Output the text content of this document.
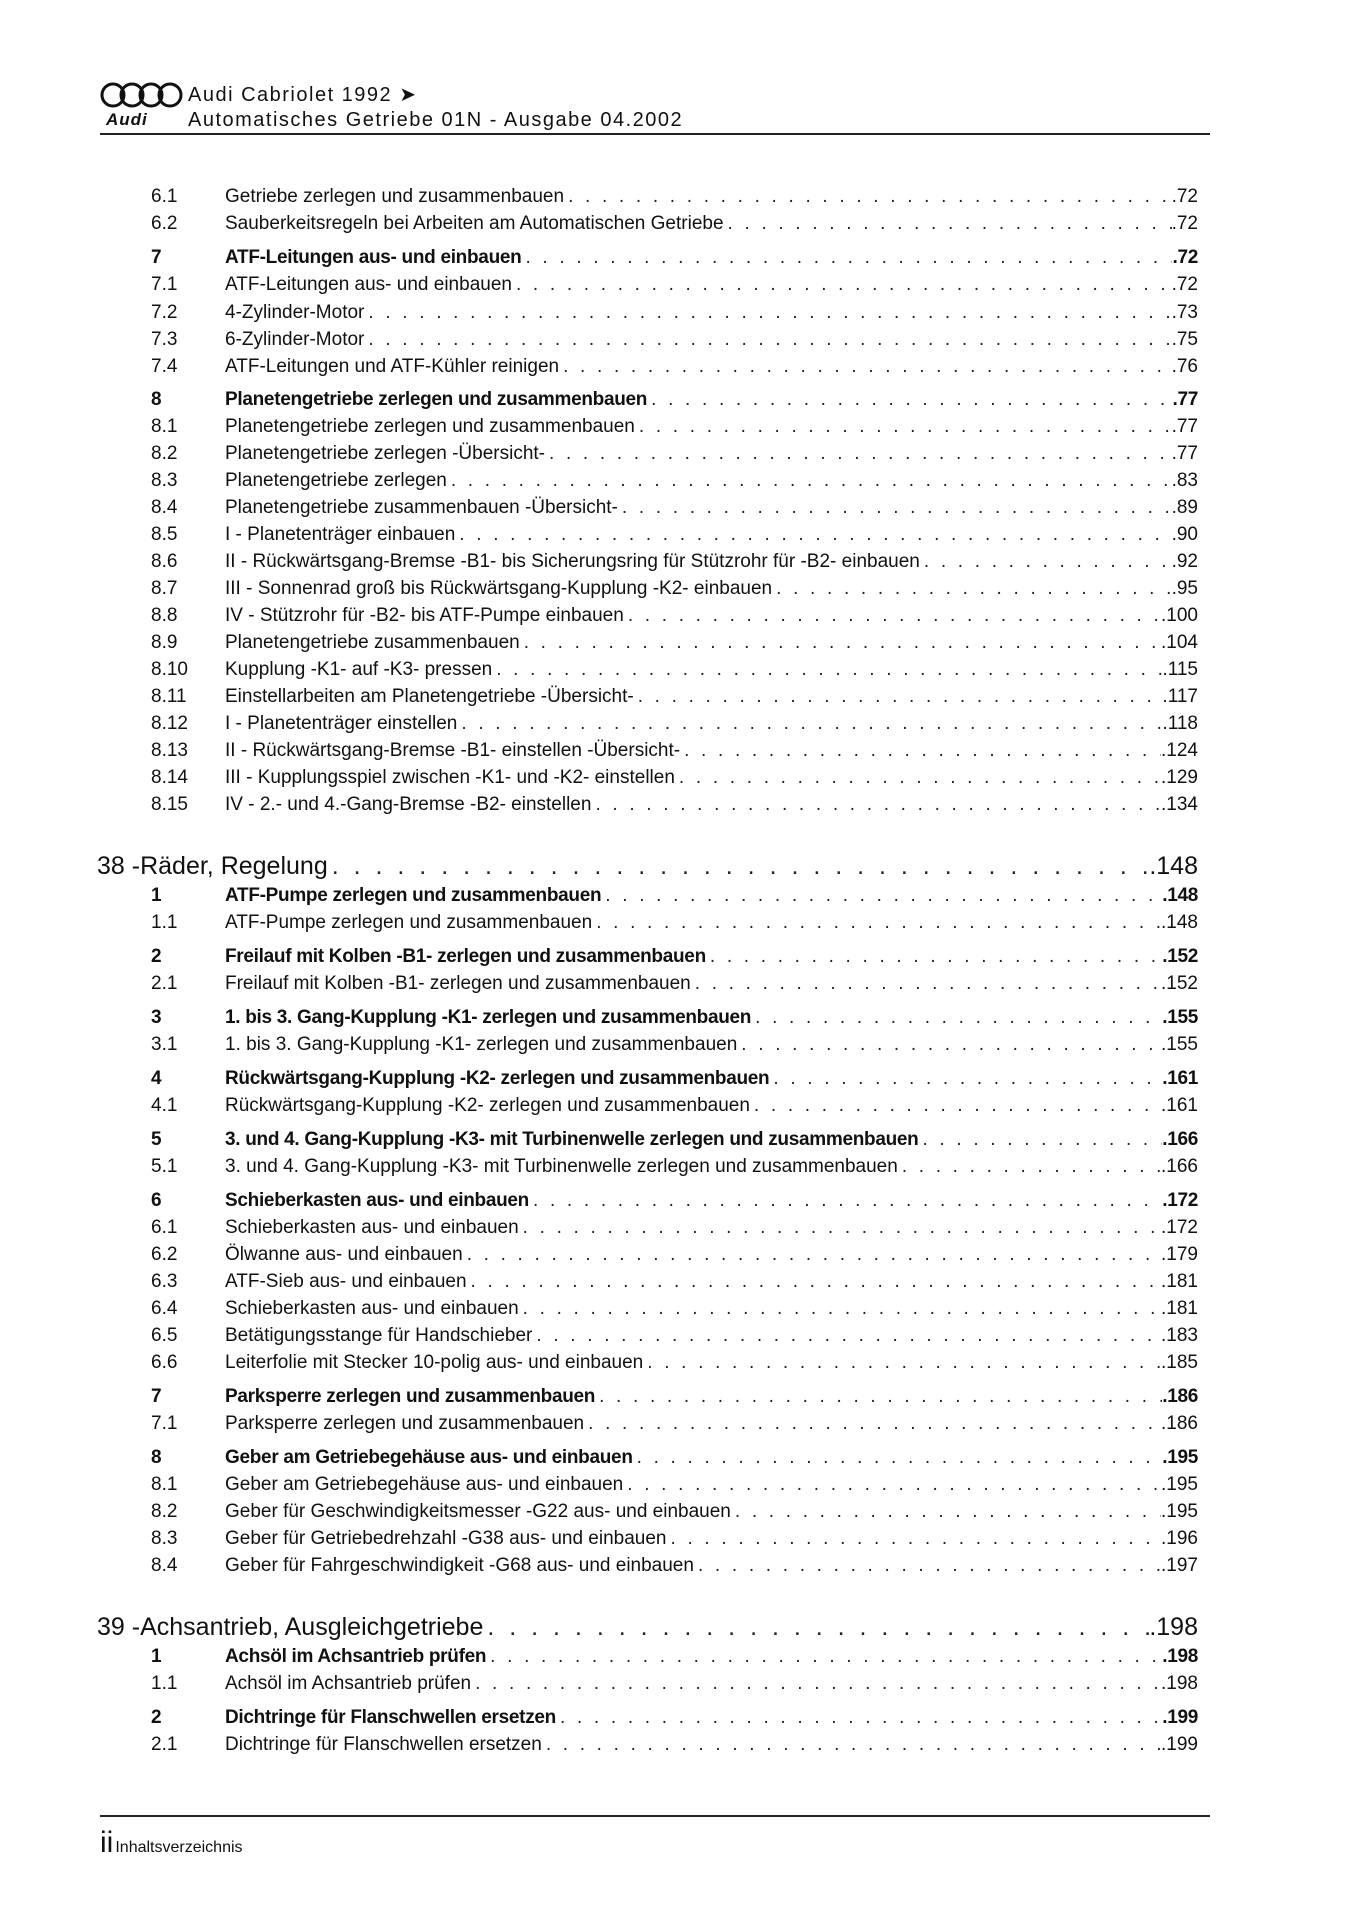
Audi
Audi Cabriolet 1992 ➤
Automatisches Getriebe 01N - Ausgabe 04.2002
6.1	Getriebe zerlegen und zusammenbauen . . .	.72
6.2	Sauberkeitsregeln bei Arbeiten am Automatischen Getriebe . . .	.72
7	ATF-Leitungen aus- und einbauen . . .	.72
7.1	ATF-Leitungen aus- und einbauen . . .	.72
7.2	4-Zylinder-Motor . . .	.73
7.3	6-Zylinder-Motor . . .	.75
7.4	ATF-Leitungen und ATF-Kühler reinigen . . .	.76
8	Planetengetriebe zerlegen und zusammenbauen . . .	.77
8.1	Planetengetriebe zerlegen und zusammenbauen . . .	.77
8.2	Planetengetriebe zerlegen -Übersicht- . . .	.77
8.3	Planetengetriebe zerlegen . . .	.83
8.4	Planetengetriebe zusammenbauen -Übersicht- . . .	.89
8.5	I - Planetenträger einbauen . . .	.90
8.6	II - Rückwärtsgang-Bremse -B1- bis Sicherungsring für Stützrohr für -B2- einbauen . . .	.92
8.7	III - Sonnenrad groß bis Rückwärtsgang-Kupplung -K2- einbauen . . .	.95
8.8	IV - Stützrohr für -B2- bis ATF-Pumpe einbauen . . .	.100
8.9	Planetengetriebe zusammenbauen . . .	.104
8.10	Kupplung -K1- auf -K3- pressen . . .	.115
8.11	Einstellarbeiten am Planetengetriebe -Übersicht- . . .	.117
8.12	I - Planetenträger einstellen . . .	.118
8.13	II - Rückwärtsgang-Bremse -B1- einstellen -Übersicht- . . .	.124
8.14	III - Kupplungsspiel zwischen -K1- und -K2- einstellen . . .	.129
8.15	IV - 2.- und 4.-Gang-Bremse -B2- einstellen . . .	.134
38 - Räder, Regelung . . .	.148
1	ATF-Pumpe zerlegen und zusammenbauen . . .	.148
1.1	ATF-Pumpe zerlegen und zusammenbauen . . .	.148
2	Freilauf mit Kolben -B1- zerlegen und zusammenbauen . . .	.152
2.1	Freilauf mit Kolben -B1- zerlegen und zusammenbauen . . .	.152
3	1. bis 3. Gang-Kupplung -K1- zerlegen und zusammenbauen . . .	.155
3.1	1. bis 3. Gang-Kupplung -K1- zerlegen und zusammenbauen . . .	.155
4	Rückwärtsgang-Kupplung -K2- zerlegen und zusammenbauen . . .	.161
4.1	Rückwärtsgang-Kupplung -K2- zerlegen und zusammenbauen . . .	.161
5	3. und 4. Gang-Kupplung -K3- mit Turbinenwelle zerlegen und zusammenbauen . . .	.166
5.1	3. und 4. Gang-Kupplung -K3- mit Turbinenwelle zerlegen und zusammenbauen . . .	.166
6	Schieberkasten aus- und einbauen . . .	.172
6.1	Schieberkasten aus- und einbauen . . .	.172
6.2	Ölwanne aus- und einbauen . . .	.179
6.3	ATF-Sieb aus- und einbauen . . .	.181
6.4	Schieberkasten aus- und einbauen . . .	.181
6.5	Betätigungsstange für Handschieber . . .	.183
6.6	Leiterfolie mit Stecker 10-polig aus- und einbauen . . .	.185
7	Parksperre zerlegen und zusammenbauen . . .	.186
7.1	Parksperre zerlegen und zusammenbauen . . .	.186
8	Geber am Getriebegehäuse aus- und einbauen . . .	.195
8.1	Geber am Getriebegehäuse aus- und einbauen . . .	.195
8.2	Geber für Geschwindigkeitsmesser -G22 aus- und einbauen . . .	.195
8.3	Geber für Getriebedrehzahl -G38 aus- und einbauen . . .	.196
8.4	Geber für Fahrgeschwindigkeit -G68 aus- und einbauen . . .	.197
39 - Achsantrieb, Ausgleichgetriebe . . .	.198
1	Achsöl im Achsantrieb prüfen . . .	.198
1.1	Achsöl im Achsantrieb prüfen . . .	.198
2	Dichtringe für Flanschwellen ersetzen . . .	.199
2.1	Dichtringe für Flanschwellen ersetzen . . .	.199
ii Inhaltsverzeichnis
